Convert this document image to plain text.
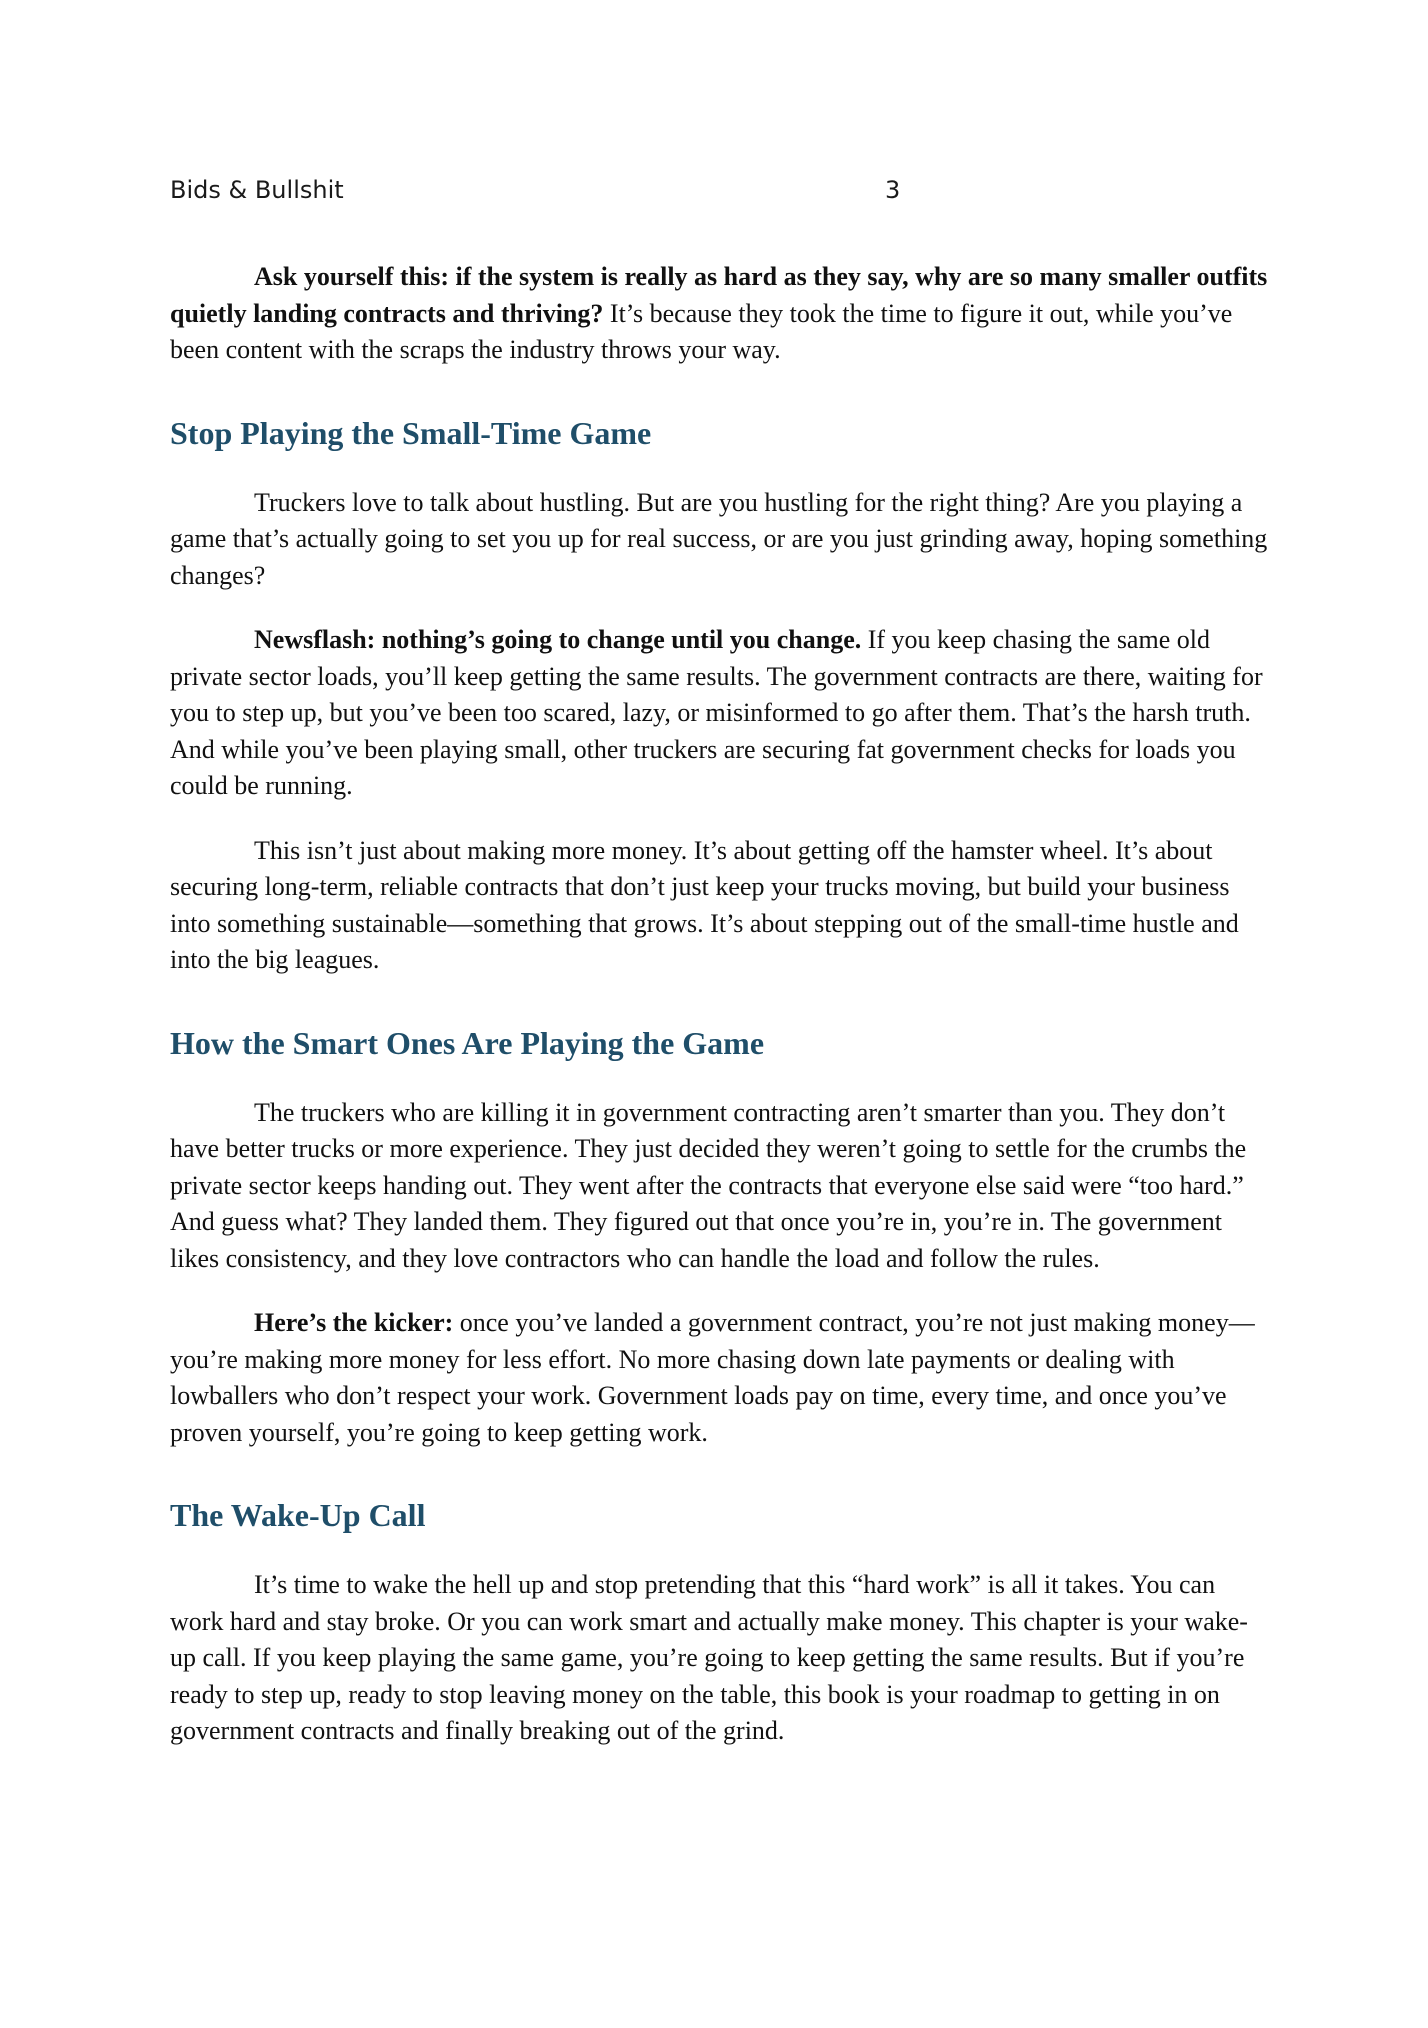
Bids & Bullshit	3

Ask yourself this: if the system is really as hard as they say, why are so many smaller outfits quietly landing contracts and thriving? It’s because they took the time to figure it out, while you’ve been content with the scraps the industry throws your way.

Stop Playing the Small-Time Game

Truckers love to talk about hustling. But are you hustling for the right thing? Are you playing a game that’s actually going to set you up for real success, or are you just grinding away, hoping something changes?

Newsflash: nothing’s going to change until you change. If you keep chasing the same old private sector loads, you’ll keep getting the same results. The government contracts are there, waiting for you to step up, but you’ve been too scared, lazy, or misinformed to go after them. That’s the harsh truth. And while you’ve been playing small, other truckers are securing fat government checks for loads you could be running.

This isn’t just about making more money. It’s about getting off the hamster wheel. It’s about securing long-term, reliable contracts that don’t just keep your trucks moving, but build your business into something sustainable—something that grows. It’s about stepping out of the small-time hustle and into the big leagues.

How the Smart Ones Are Playing the Game

The truckers who are killing it in government contracting aren’t smarter than you. They don’t have better trucks or more experience. They just decided they weren’t going to settle for the crumbs the private sector keeps handing out. They went after the contracts that everyone else said were “too hard.” And guess what? They landed them. They figured out that once you’re in, you’re in. The government likes consistency, and they love contractors who can handle the load and follow the rules.

Here’s the kicker: once you’ve landed a government contract, you’re not just making money—you’re making more money for less effort. No more chasing down late payments or dealing with lowballers who don’t respect your work. Government loads pay on time, every time, and once you’ve proven yourself, you’re going to keep getting work.

The Wake-Up Call

It’s time to wake the hell up and stop pretending that this “hard work” is all it takes. You can work hard and stay broke. Or you can work smart and actually make money. This chapter is your wake-up call. If you keep playing the same game, you’re going to keep getting the same results. But if you’re ready to step up, ready to stop leaving money on the table, this book is your roadmap to getting in on government contracts and finally breaking out of the grind.
